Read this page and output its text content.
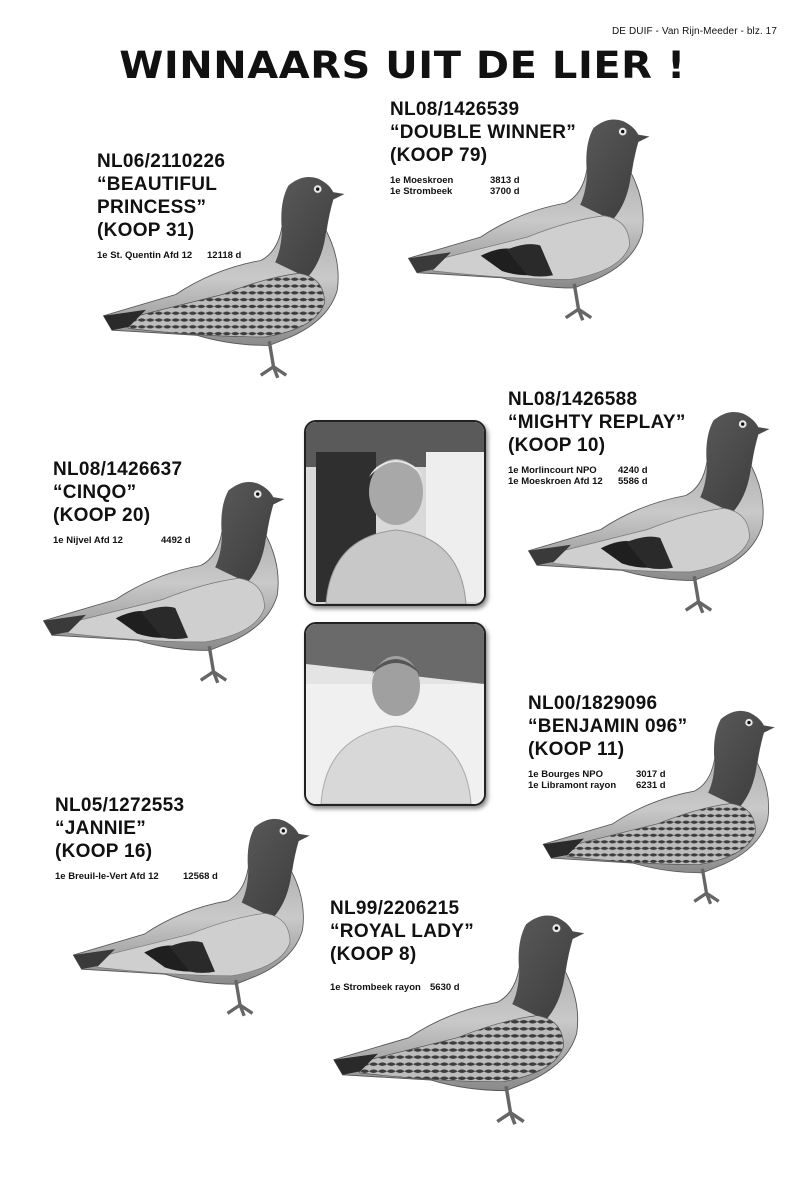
DE DUIF - Van Rijn-Meeder - blz. 17
WINNAARS UIT DE LIER !
NL06/2110226
“BEAUTIFUL PRINCESS”
(KOOP 31)
1e St. Quentin Afd 12	12118 d
NL08/1426539
“DOUBLE WINNER”
(KOOP 79)
1e Moeskroen	3813 d
1e Strombeek	3700 d
NL08/1426588
“MIGHTY REPLAY”
(KOOP 10)
1e Morlincourt NPO	4240 d
1e Moeskroen Afd 12	5586 d
NL08/1426637
“CINQO”
(KOOP 20)
1e Nijvel Afd 12	4492 d
NL00/1829096
“BENJAMIN 096”
(KOOP 11)
1e Bourges NPO	3017 d
1e Libramont rayon	6231 d
NL05/1272553
“JANNIE”
(KOOP 16)
1e Breuil-le-Vert Afd 12	12568 d
NL99/2206215
“ROYAL LADY”
(KOOP 8)
1e Strombeek rayon 5630 d
